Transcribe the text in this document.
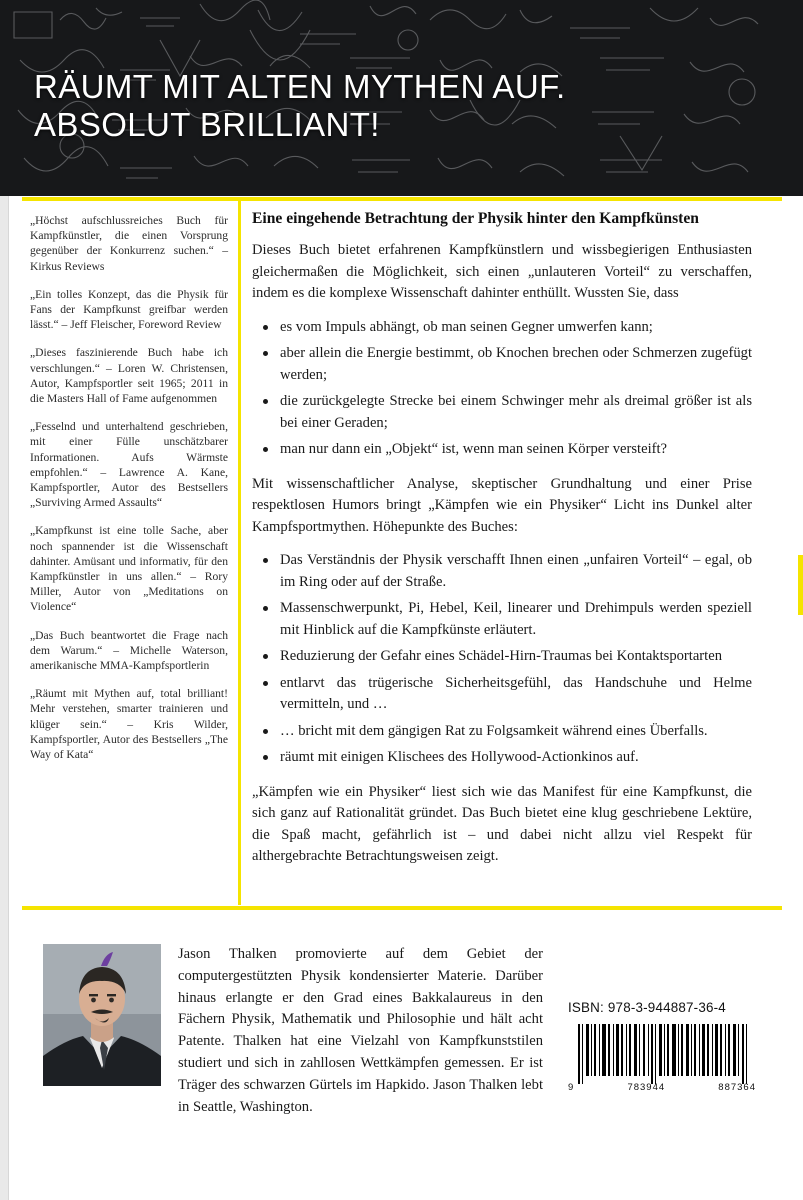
RÄUMT MIT ALTEN MYTHEN AUF.
ABSOLUT BRILLIANT!
„Höchst aufschlussreiches Buch für Kampfkünstler, die einen Vorsprung gegenüber der Konkurrenz suchen.“ – Kirkus Reviews
„Ein tolles Konzept, das die Physik für Fans der Kampfkunst greifbar werden lässt.“ – Jeff Fleischer, Foreword Review
„Dieses faszinierende Buch habe ich verschlungen.“ – Loren W. Christensen, Autor, Kampfsportler seit 1965; 2011 in die Masters Hall of Fame aufgenommen
„Fesselnd und unterhaltend geschrieben, mit einer Fülle unschätzbarer Informationen. Aufs Wärmste empfohlen.“ – Lawrence A. Kane, Kampfsportler, Autor des Bestsellers „Surviving Armed Assaults“
„Kampfkunst ist eine tolle Sache, aber noch spannender ist die Wissenschaft dahinter. Amüsant und informativ, für den Kampfkünstler in uns allen.“ – Rory Miller, Autor von „Meditations on Violence“
„Das Buch beantwortet die Frage nach dem Warum.“ – Michelle Waterson, amerikanische MMA-Kampfsportlerin
„Räumt mit Mythen auf, total brilliant! Mehr verstehen, smarter trainieren und klüger sein.“ – Kris Wilder, Kampfsportler, Autor des Bestsellers „The Way of Kata“
Eine eingehende Betrachtung der Physik hinter den Kampfkünsten

Dieses Buch bietet erfahrenen Kampfkünstlern und wissbegierigen Enthusiasten gleichermaßen die Möglichkeit, sich einen „unlauteren Vorteil“ zu verschaffen, indem es die komplexe Wissenschaft dahinter enthüllt. Wussten Sie, dass

es vom Impuls abhängt, ob man seinen Gegner umwerfen kann;
aber allein die Energie bestimmt, ob Knochen brechen oder Schmerzen zugefügt werden;
die zurückgelegte Strecke bei einem Schwinger mehr als dreimal größer ist als bei einer Geraden;
man nur dann ein „Objekt“ ist, wenn man seinen Körper versteift?

Mit wissenschaftlicher Analyse, skeptischer Grundhaltung und einer Prise respektlosen Humors bringt „Kämpfen wie ein Physiker“ Licht ins Dunkel alter Kampfsportmythen. Höhepunkte des Buches:

Das Verständnis der Physik verschafft Ihnen einen „unfairen Vorteil“ – egal, ob im Ring oder auf der Straße.
Massenschwerpunkt, Pi, Hebel, Keil, linearer und Drehimpuls werden speziell mit Hinblick auf die Kampfkünste erläutert.
Reduzierung der Gefahr eines Schädel-Hirn-Traumas bei Kontaktsportarten
entlarvt das trügerische Sicherheitsgefühl, das Handschuhe und Helme vermitteln, und …
… bricht mit dem gängigen Rat zu Folgsamkeit während eines Überfalls.
räumt mit einigen Klischees des Hollywood-Actionkinos auf.

„Kämpfen wie ein Physiker“ liest sich wie das Manifest für eine Kampfkunst, die sich ganz auf Rationalität gründet. Das Buch bietet eine klug geschriebene Lektüre, die Spaß macht, gefährlich ist – und dabei nicht allzu viel Respekt für althergebrachte Betrachtungsweisen zeigt.

Jason Thalken promovierte auf dem Gebiet der computergestützten Physik kondensierter Materie. Darüber hinaus erlangte er den Grad eines Bakkalaureus in den Fächern Physik, Mathematik und Philosophie und hält acht Patente. Thalken hat eine Vielzahl von Kampfkunststilen studiert und sich in zahllosen Wettkämpfen gemessen. Er ist Träger des schwarzen Gürtels im Hapkido. Jason Thalken lebt in Seattle, Washington.
ISBN: 978-3-944887-36-4
9	783944	887364
